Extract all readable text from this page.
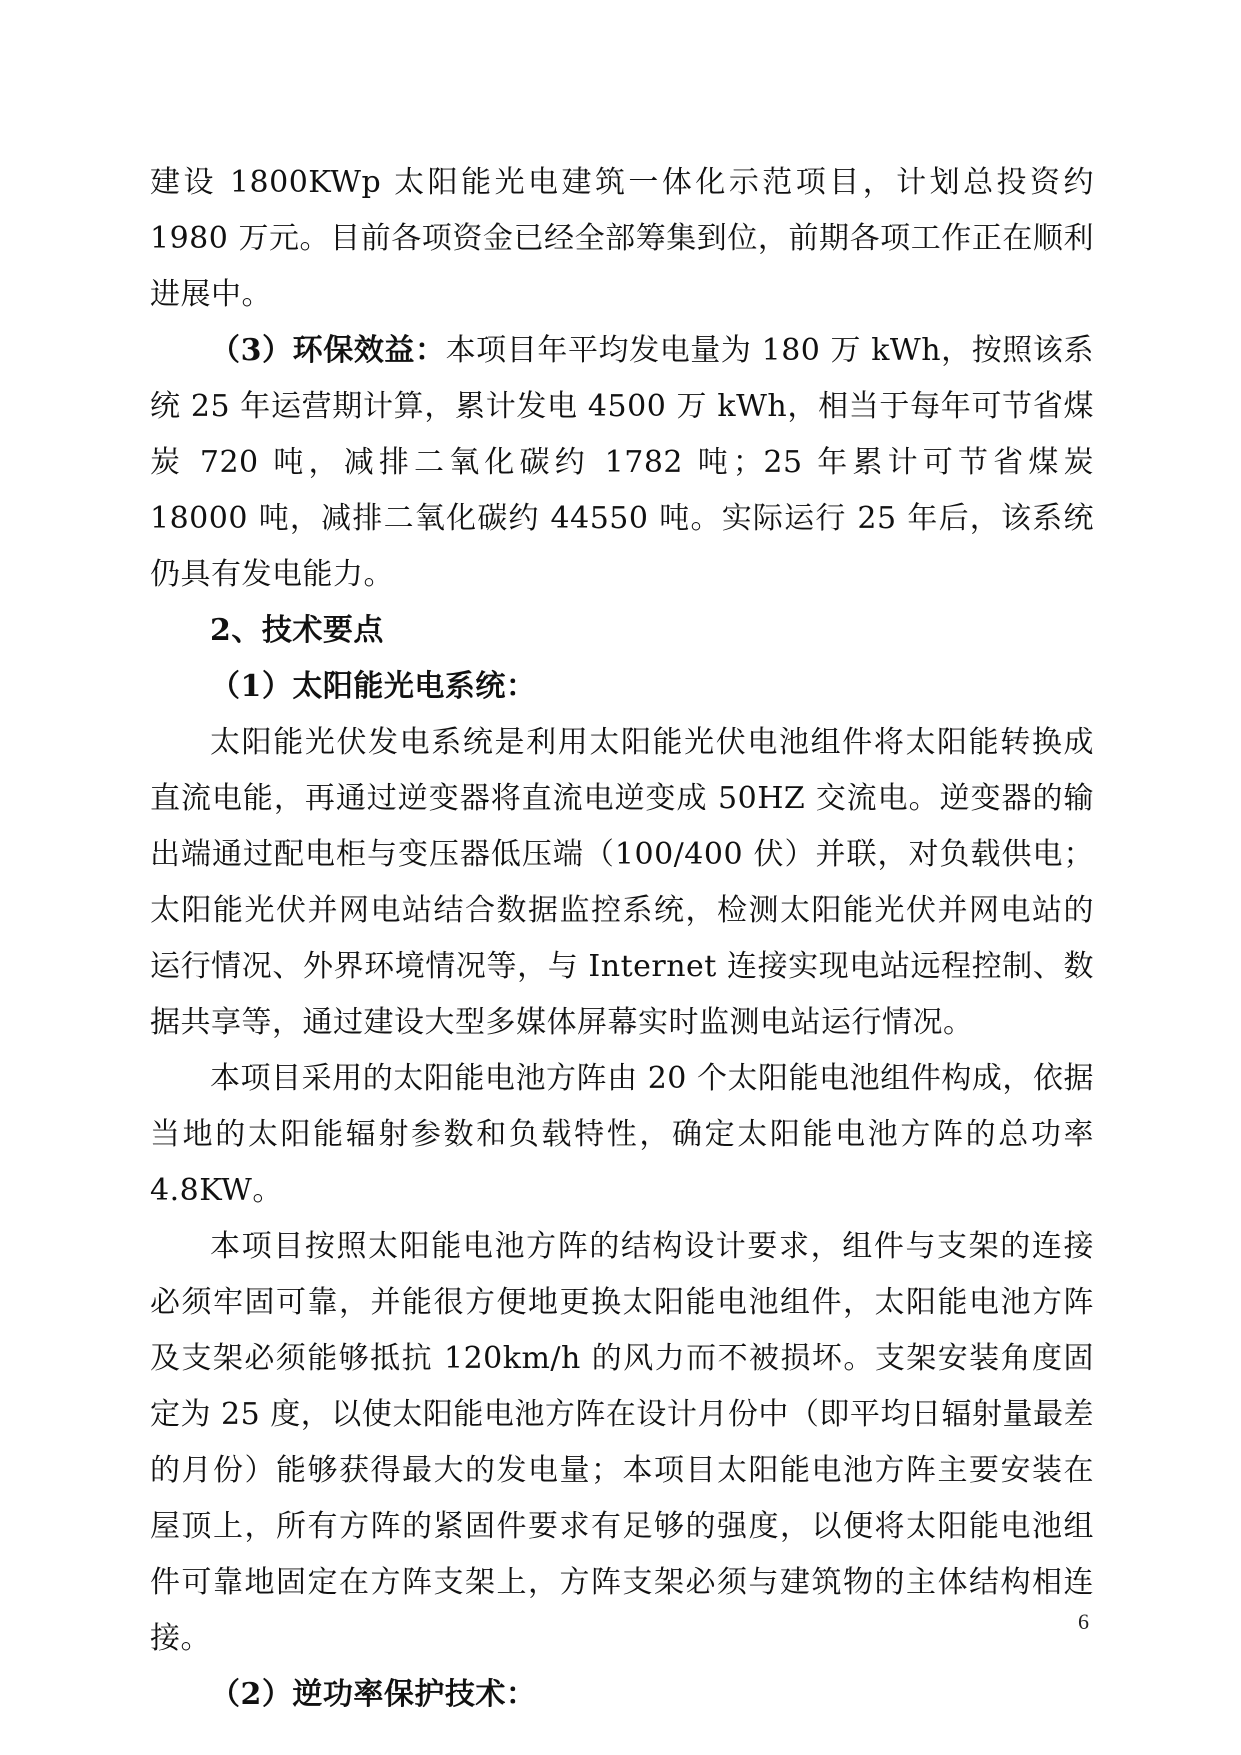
建设 1800KWp 太阳能光电建筑一体化示范项目，计划总投资约 1980 万元。目前各项资金已经全部筹集到位，前期各项工作正在顺利进展中。

（3）环保效益：本项目年平均发电量为 180 万 kWh，按照该系统 25 年运营期计算，累计发电 4500 万 kWh，相当于每年可节省煤炭 720 吨，减排二氧化碳约 1782 吨；25 年累计可节省煤炭 18000 吨，减排二氧化碳约 44550 吨。实际运行 25 年后，该系统仍具有发电能力。

2、技术要点

（1）太阳能光电系统：

太阳能光伏发电系统是利用太阳能光伏电池组件将太阳能转换成直流电能，再通过逆变器将直流电逆变成 50HZ 交流电。逆变器的输出端通过配电柜与变压器低压端（100/400 伏）并联，对负载供电；太阳能光伏并网电站结合数据监控系统，检测太阳能光伏并网电站的运行情况、外界环境情况等，与 Internet 连接实现电站远程控制、数据共享等，通过建设大型多媒体屏幕实时监测电站运行情况。

本项目采用的太阳能电池方阵由 20 个太阳能电池组件构成，依据当地的太阳能辐射参数和负载特性，确定太阳能电池方阵的总功率 4.8KW。

本项目按照太阳能电池方阵的结构设计要求，组件与支架的连接必须牢固可靠，并能很方便地更换太阳能电池组件，太阳能电池方阵及支架必须能够抵抗 120km/h 的风力而不被损坏。支架安装角度固定为 25 度，以使太阳能电池方阵在设计月份中（即平均日辐射量最差的月份）能够获得最大的发电量；本项目太阳能电池方阵主要安装在屋顶上，所有方阵的紧固件要求有足够的强度，以便将太阳能电池组件可靠地固定在方阵支架上，方阵支架必须与建筑物的主体结构相连接。

（2）逆功率保护技术：

6
